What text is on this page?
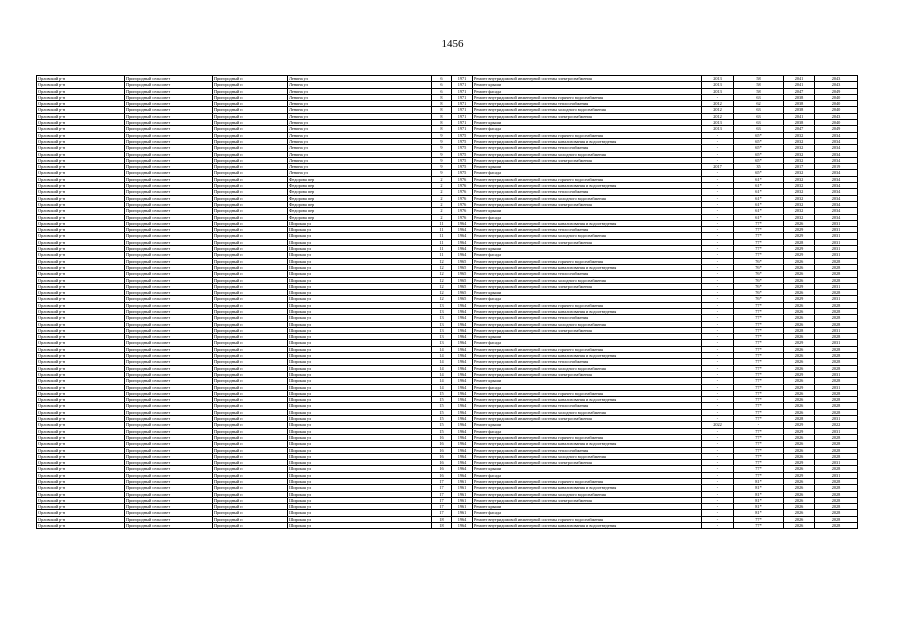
1456
Орловский р-н	Пригородный сельсовет	Пригородный п	Ленина ул	6	1971	Ремонт внутридомовой инженерной системы электроснабжения	2013	58	2041	2043
Орловский р-н	Пригородный сельсовет	Пригородный п	Ленина ул	6	1971	Ремонт крыши	2013	58	2041	2043
Орловский р-н	Пригородный сельсовет	Пригородный п	Ленина ул	6	1971	Ремонт фасада	2013	58	2047	2049
Орловский р-н	Пригородный сельсовет	Пригородный п	Ленина ул	8	1971	Ремонт внутридомовой инженерной системы горячего водоснабжения	-	63	2038	2040
Орловский р-н	Пригородный сельсовет	Пригородный п	Ленина ул	8	1971	Ремонт внутридомовой инженерной системы теплоснабжения	2012	62	2038	2040
Орловский р-н	Пригородный сельсовет	Пригородный п	Ленина ул	8	1971	Ремонт внутридомовой инженерной системы холодного водоснабжения	2012	63	2038	2040
Орловский р-н	Пригородный сельсовет	Пригородный п	Ленина ул	8	1971	Ремонт внутридомовой инженерной системы электроснабжения	2012	63	2041	2043
Орловский р-н	Пригородный сельсовет	Пригородный п	Ленина ул	8	1971	Ремонт крыши	2013	63	2038	2040
Орловский р-н	Пригородный сельсовет	Пригородный п	Ленина ул	8	1971	Ремонт фасада	2013	63	2047	2049
Орловский р-н	Пригородный сельсовет	Пригородный п	Ленина ул	9	1975	Ремонт внутридомовой инженерной системы горячего водоснабжения	-	65*	2032	2034
Орловский р-н	Пригородный сельсовет	Пригородный п	Ленина ул	9	1975	Ремонт внутридомовой инженерной системы канализования и водоотведения	-	65*	2032	2034
Орловский р-н	Пригородный сельсовет	Пригородный п	Ленина ул	9	1975	Ремонт внутридомовой инженерной системы теплоснабжения	-	65*	2032	2034
Орловский р-н	Пригородный сельсовет	Пригородный п	Ленина ул	9	1975	Ремонт внутридомовой инженерной системы холодного водоснабжения	-	65*	2032	2034
Орловский р-н	Пригородный сельсовет	Пригородный п	Ленина ул	9	1975	Ремонт внутридомовой инженерной системы электроснабжения	-	65*	2032	2034
Орловский р-н	Пригородный сельсовет	Пригородный п	Ленина ул	9	1975	Ремонт крыши	2017	35	2017	2019
Орловский р-н	Пригородный сельсовет	Пригородный п	Ленина ул	9	1975	Ремонт фасада	-	65*	2032	2034
Орловский р-н	Пригородный сельсовет	Пригородный п	Федорова пер	2	1976	Ремонт внутридомовой инженерной системы горячего водоснабжения	-	61*	2032	2034
Орловский р-н	Пригородный сельсовет	Пригородный п	Федорова пер	2	1976	Ремонт внутридомовой инженерной системы канализования и водоотведения	-	61*	2032	2034
Орловский р-н	Пригородный сельсовет	Пригородный п	Федорова пер	2	1976	Ремонт внутридомовой инженерной системы теплоснабжения	-	61*	2032	2034
Орловский р-н	Пригородный сельсовет	Пригородный п	Федорова пер	2	1976	Ремонт внутридомовой инженерной системы холодного водоснабжения	-	61*	2032	2034
Орловский р-н	Пригородный сельсовет	Пригородный п	Федорова пер	2	1976	Ремонт внутридомовой инженерной системы электроснабжения	-	61*	2032	2034
Орловский р-н	Пригородный сельсовет	Пригородный п	Федорова пер	2	1976	Ремонт крыши	-	61*	2032	2034
Орловский р-н	Пригородный сельсовет	Пригородный п	Федорова пер	2	1976	Ремонт фасада	-	61*	2032	2034
Орловский р-н	Пригородный сельсовет	Пригородный п	Широкая ул	11	1964	Ремонт внутридомовой инженерной системы канализования и водоотведения	-	77*	2026	2031
Орловский р-н	Пригородный сельсовет	Пригородный п	Широкая ул	11	1964	Ремонт внутридомовой инженерной системы теплоснабжения	-	77*	2029	2031
Орловский р-н	Пригородный сельсовет	Пригородный п	Широкая ул	11	1964	Ремонт внутридомовой инженерной системы холодного водоснабжения	-	77*	2029	2031
Орловский р-н	Пригородный сельсовет	Пригородный п	Широкая ул	11	1964	Ремонт внутридомовой инженерной системы электроснабжения	-	77*	2028	2031
Орловский р-н	Пригородный сельсовет	Пригородный п	Широкая ул	11	1964	Ремонт крыши	-	77*	2029	2031
Орловский р-н	Пригородный сельсовет	Пригородный п	Широкая ул	11	1964	Ремонт фасада	-	77*	2029	2031
Орловский р-н	Пригородный сельсовет	Пригородный п	Широкая ул	12	1965	Ремонт внутридомовой инженерной системы горячего водоснабжения	-	76*	2026	2028
Орловский р-н	Пригородный сельсовет	Пригородный п	Широкая ул	12	1965	Ремонт внутридомовой инженерной системы канализования и водоотведения	-	76*	2026	2028
Орловский р-н	Пригородный сельсовет	Пригородный п	Широкая ул	12	1965	Ремонт внутридомовой инженерной системы теплоснабжения	-	76*	2026	2028
Орловский р-н	Пригородный сельсовет	Пригородный п	Широкая ул	12	1965	Ремонт внутридомовой инженерной системы холодного водоснабжения	-	76*	2026	2028
Орловский р-н	Пригородный сельсовет	Пригородный п	Широкая ул	12	1965	Ремонт внутридомовой инженерной системы электроснабжения	-	76*	2029	2031
Орловский р-н	Пригородный сельсовет	Пригородный п	Широкая ул	12	1965	Ремонт крыши	-	76*	2026	2028
Орловский р-н	Пригородный сельсовет	Пригородный п	Широкая ул	12	1965	Ремонт фасада	-	76*	2029	2031
Орловский р-н	Пригородный сельсовет	Пригородный п	Широкая ул	13	1964	Ремонт внутридомовой инженерной системы горячего водоснабжения	-	77*	2026	2028
Орловский р-н	Пригородный сельсовет	Пригородный п	Широкая ул	13	1964	Ремонт внутридомовой инженерной системы канализования и водоотведения	-	77*	2026	2028
Орловский р-н	Пригородный сельсовет	Пригородный п	Широкая ул	13	1964	Ремонт внутридомовой инженерной системы теплоснабжения	-	77*	2026	2028
Орловский р-н	Пригородный сельсовет	Пригородный п	Широкая ул	13	1964	Ремонт внутридомовой инженерной системы холодного водоснабжения	-	77*	2026	2028
Орловский р-н	Пригородный сельсовет	Пригородный п	Широкая ул	13	1964	Ремонт внутридомовой инженерной системы электроснабжения	-	77*	2028	2031
Орловский р-н	Пригородный сельсовет	Пригородный п	Широкая ул	13	1964	Ремонт крыши	-	77*	2026	2028
Орловский р-н	Пригородный сельсовет	Пригородный п	Широкая ул	13	1964	Ремонт фасада	-	77*	2029	2031
Орловский р-н	Пригородный сельсовет	Пригородный п	Широкая ул	14	1964	Ремонт внутридомовой инженерной системы горячего водоснабжения	-	77*	2026	2028
Орловский р-н	Пригородный сельсовет	Пригородный п	Широкая ул	14	1964	Ремонт внутридомовой инженерной системы канализования и водоотведения	-	77*	2026	2028
Орловский р-н	Пригородный сельсовет	Пригородный п	Широкая ул	14	1964	Ремонт внутридомовой инженерной системы теплоснабжения	-	77*	2026	2028
Орловский р-н	Пригородный сельсовет	Пригородный п	Широкая ул	14	1964	Ремонт внутридомовой инженерной системы холодного водоснабжения	-	77*	2026	2028
Орловский р-н	Пригородный сельсовет	Пригородный п	Широкая ул	14	1964	Ремонт внутридомовой инженерной системы электроснабжения	-	77*	2029	2031
Орловский р-н	Пригородный сельсовет	Пригородный п	Широкая ул	14	1964	Ремонт крыши	-	77*	2026	2028
Орловский р-н	Пригородный сельсовет	Пригородный п	Широкая ул	14	1964	Ремонт фасада	-	77*	2029	2031
Орловский р-н	Пригородный сельсовет	Пригородный п	Широкая ул	15	1964	Ремонт внутридомовой инженерной системы горячего водоснабжения	-	77*	2026	2028
Орловский р-н	Пригородный сельсовет	Пригородный п	Широкая ул	15	1964	Ремонт внутридомовой инженерной системы канализования и водоотведения	-	77*	2026	2028
Орловский р-н	Пригородный сельсовет	Пригородный п	Широкая ул	15	1964	Ремонт внутридомовой инженерной системы теплоснабжения	-	77*	2026	2028
Орловский р-н	Пригородный сельсовет	Пригородный п	Широкая ул	15	1964	Ремонт внутридомовой инженерной системы холодного водоснабжения	-	77*	2026	2028
Орловский р-н	Пригородный сельсовет	Пригородный п	Широкая ул	15	1964	Ремонт внутридомовой инженерной системы электроснабжения	-	77*	2028	2031
Орловский р-н	Пригородный сельсовет	Пригородный п	Широкая ул	15	1964	Ремонт крыши	2022	-	2029	2022
Орловский р-н	Пригородный сельсовет	Пригородный п	Широкая ул	15	1964	Ремонт фасада	-	77*	2029	2031
Орловский р-н	Пригородный сельсовет	Пригородный п	Широкая ул	16	1964	Ремонт внутридомовой инженерной системы горячего водоснабжения	-	77*	2026	2028
Орловский р-н	Пригородный сельсовет	Пригородный п	Широкая ул	16	1964	Ремонт внутридомовой инженерной системы канализования и водоотведения	-	77*	2026	2028
Орловский р-н	Пригородный сельсовет	Пригородный п	Широкая ул	16	1964	Ремонт внутридомовой инженерной системы теплоснабжения	-	77*	2026	2028
Орловский р-н	Пригородный сельсовет	Пригородный п	Широкая ул	16	1964	Ремонт внутридомовой инженерной системы холодного водоснабжения	-	77*	2026	2028
Орловский р-н	Пригородный сельсовет	Пригородный п	Широкая ул	16	1964	Ремонт внутридомовой инженерной системы электроснабжения	-	77*	2029	2031
Орловский р-н	Пригородный сельсовет	Пригородный п	Широкая ул	16	1964	Ремонт крыши	-	77*	2026	2028
Орловский р-н	Пригородный сельсовет	Пригородный п	Широкая ул	16	1964	Ремонт фасада	-	77*	2029	2031
Орловский р-н	Пригородный сельсовет	Пригородный п	Широкая ул	17	1961	Ремонт внутридомовой инженерной системы горячего водоснабжения	-	81*	2026	2028
Орловский р-н	Пригородный сельсовет	Пригородный п	Широкая ул	17	1961	Ремонт внутридомовой инженерной системы канализования и водоотведения	-	81*	2026	2028
Орловский р-н	Пригородный сельсовет	Пригородный п	Широкая ул	17	1961	Ремонт внутридомовой инженерной системы холодного водоснабжения	-	81*	2026	2028
Орловский р-н	Пригородный сельсовет	Пригородный п	Широкая ул	17	1961	Ремонт внутридомовой инженерной системы электроснабжения	-	81*	2026	2028
Орловский р-н	Пригородный сельсовет	Пригородный п	Широкая ул	17	1961	Ремонт крыши	-	81*	2026	2028
Орловский р-н	Пригородный сельсовет	Пригородный п	Широкая ул	17	1961	Ремонт фасада	-	81*	2026	2028
Орловский р-н	Пригородный сельсовет	Пригородный п	Широкая ул	18	1964	Ремонт внутридомовой инженерной системы горячего водоснабжения	-	77*	2026	2028
Орловский р-н	Пригородный сельсовет	Пригородный п	Широкая ул	18	1964	Ремонт внутридомовой инженерной системы канализования и водоотведения	-	77*	2026	2028
